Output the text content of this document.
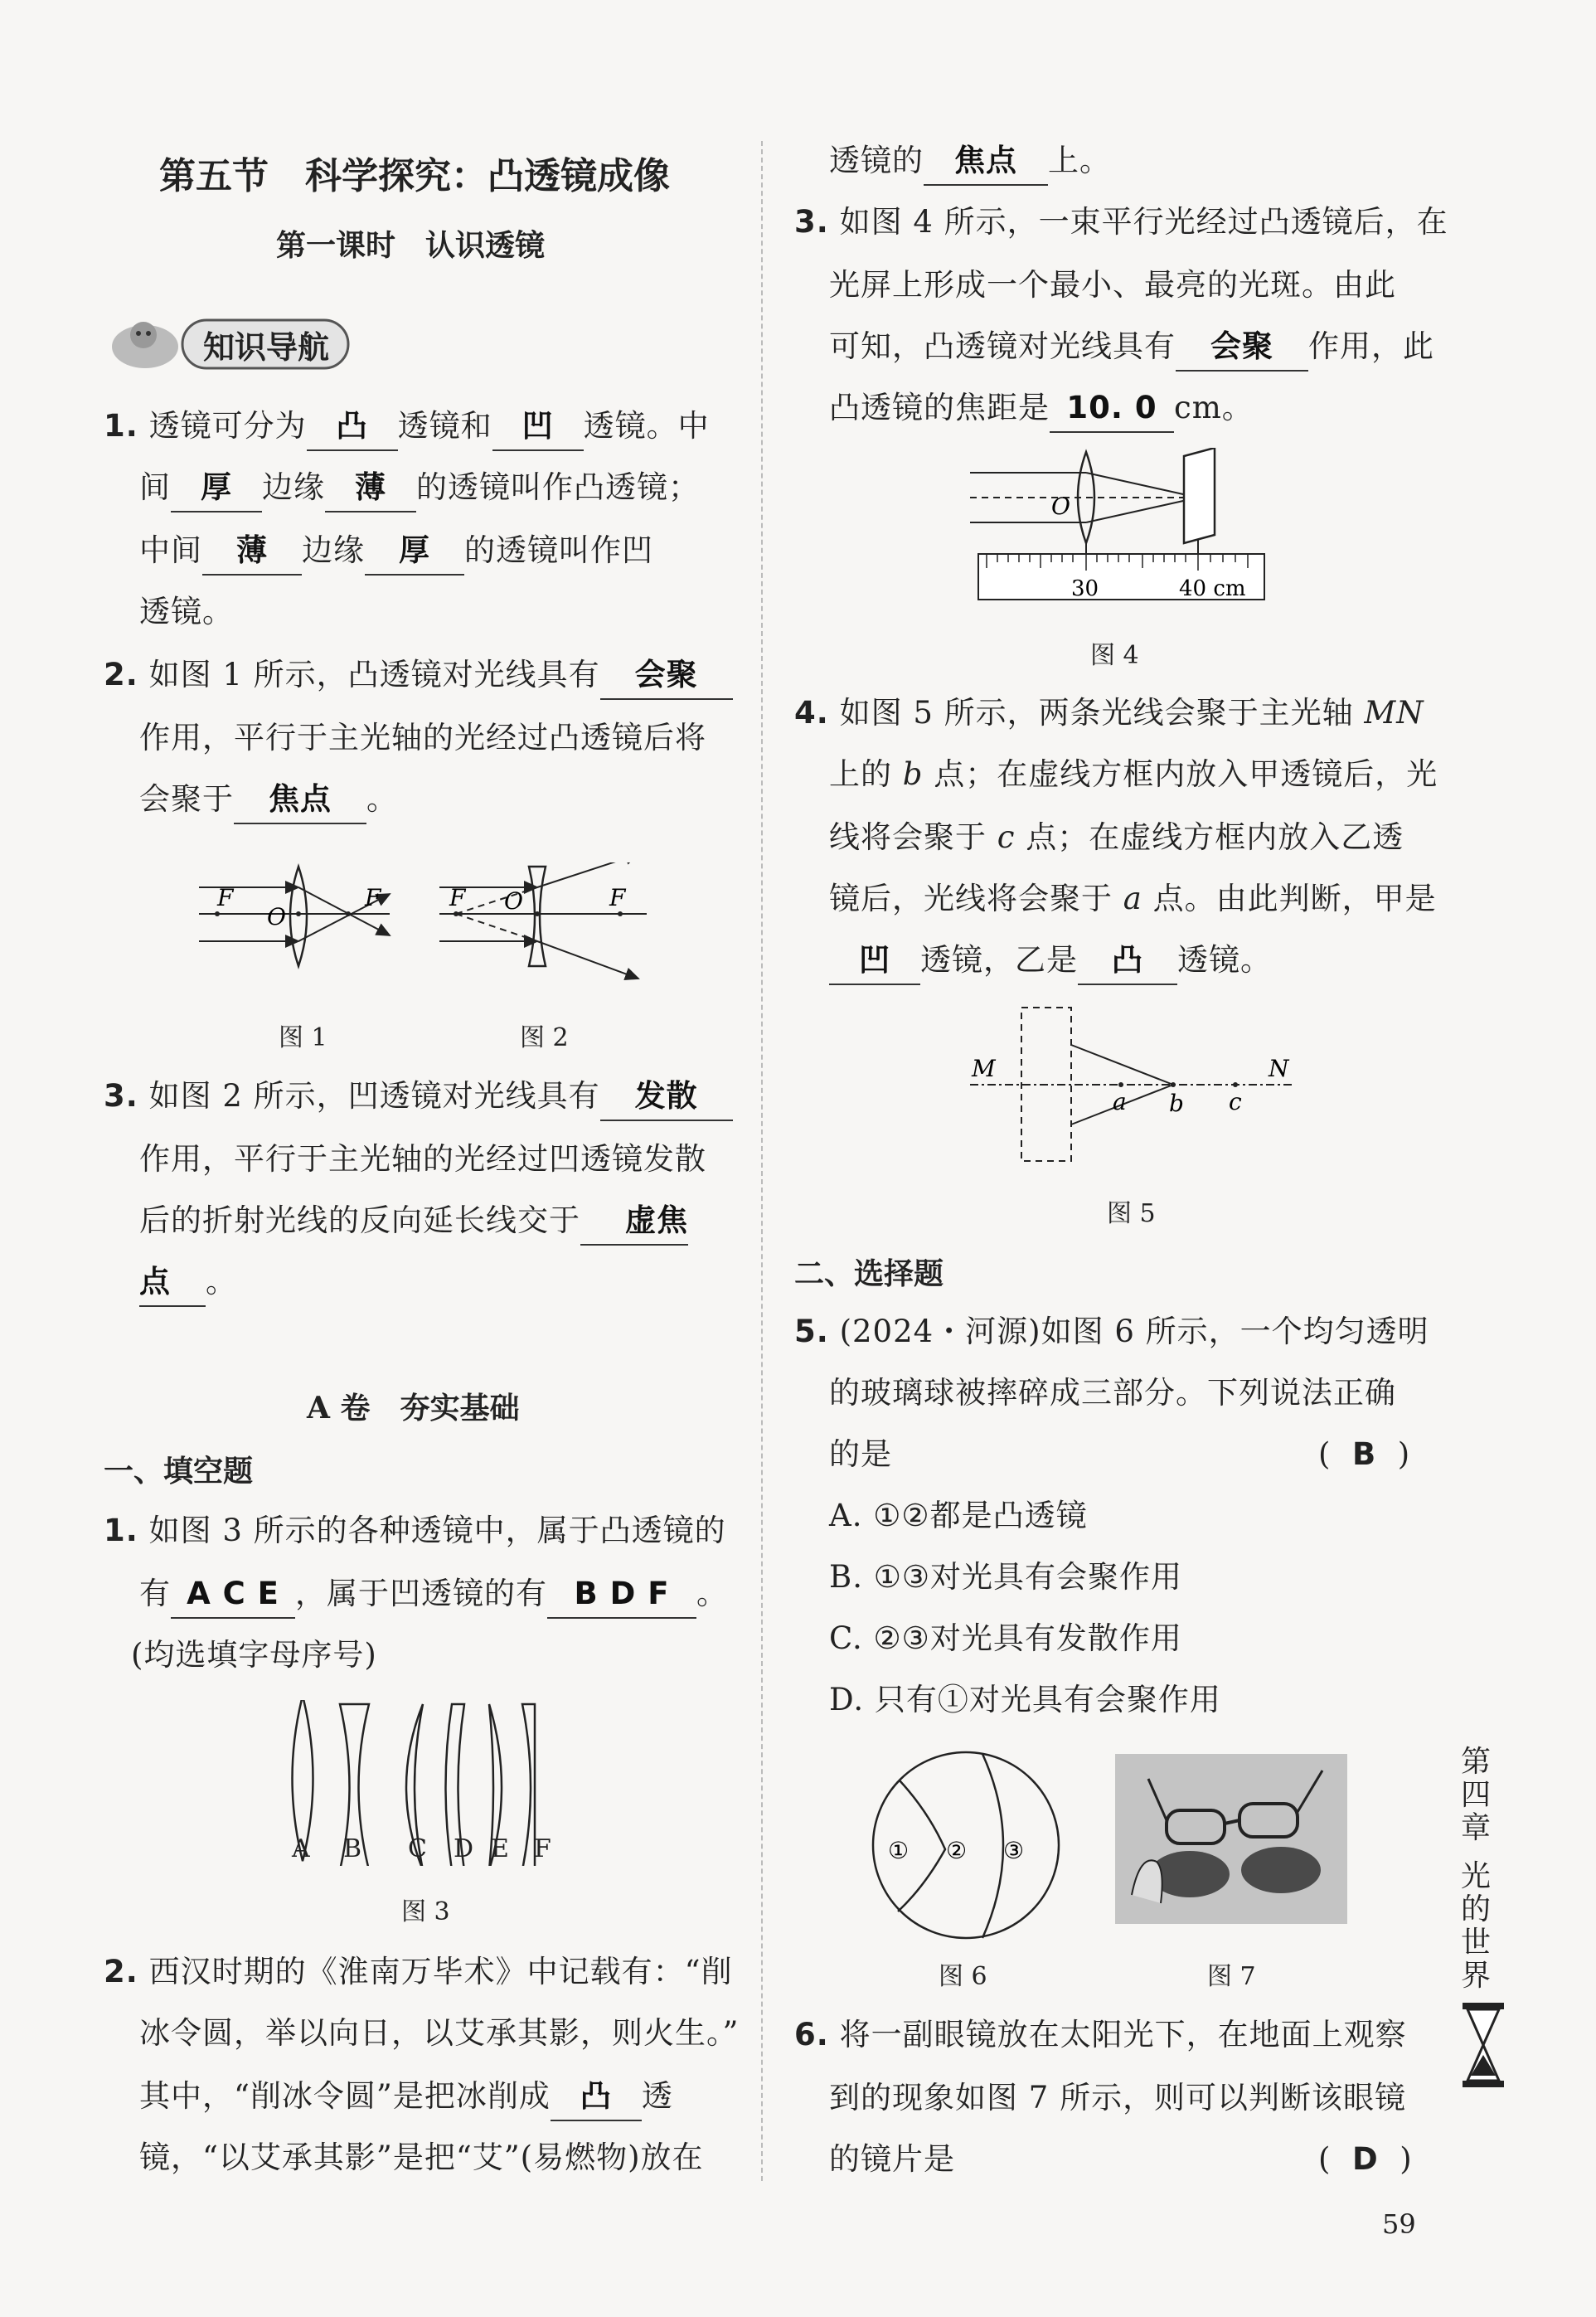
第五节　科学探究：凸透镜成像
第一课时　认识透镜
知识导航
1. 透镜可分为 凸 透镜和 凹 透镜。中
间 厚 边缘 薄 的透镜叫作凸透镜；
中间 薄 边缘 厚 的透镜叫作凹
透镜。
2. 如图 1 所示，凸透镜对光线具有 会聚
作用，平行于主光轴的光经过凸透镜后将
会聚于 焦点 。
F
O
F	F O	F
图 1	图 2
3. 如图 2 所示，凹透镜对光线具有 发散
作用，平行于主光轴的光经过凹透镜发散
后的折射光线的反向延长线交于 虚焦
点 。
A 卷　夯实基础
一、填空题
1. 如图 3 所示的各种透镜中，属于凸透镜的
有 A C E ，属于凹透镜的有 B D F 。
(均选填字母序号)
A B C D E F
图 3
2. 西汉时期的《淮南万毕术》中记载有：“削
冰令圆，举以向日，以艾承其影，则火生。”
其中，“削冰令圆”是把冰削成 凸 透
镜，“以艾承其影”是把“艾”(易燃物)放在
透镜的 焦点 上。
3. 如图 4 所示，一束平行光经过凸透镜后，在
光屏上形成一个最小、最亮的光斑。由此
可知，凸透镜对光线具有 会聚 作用，此
凸透镜的焦距是 10. 0 cm。
O
30	40 cm
图 4
4. 如图 5 所示，两条光线会聚于主光轴 MN
上的 b 点；在虚线方框内放入甲透镜后，光
线将会聚于 c 点；在虚线方框内放入乙透
镜后，光线将会聚于 a 点。由此判断，甲是
凹 透镜，乙是 凸 透镜。
M	N
a b c
图 5
二、选择题
5. (2024・河源)如图 6 所示，一个均匀透明
的玻璃球被摔碎成三部分。下列说法正确
的是	(  B  )
A. ①②都是凸透镜
B. ①③对光具有会聚作用
C. ②③对光具有发散作用
D. 只有①对光具有会聚作用
① ② ③
图 6	图 7
6. 将一副眼镜放在太阳光下，在地面上观察
到的现象如图 7 所示，则可以判断该眼镜
的镜片是	(  D  )
第四章
光的世界
59
